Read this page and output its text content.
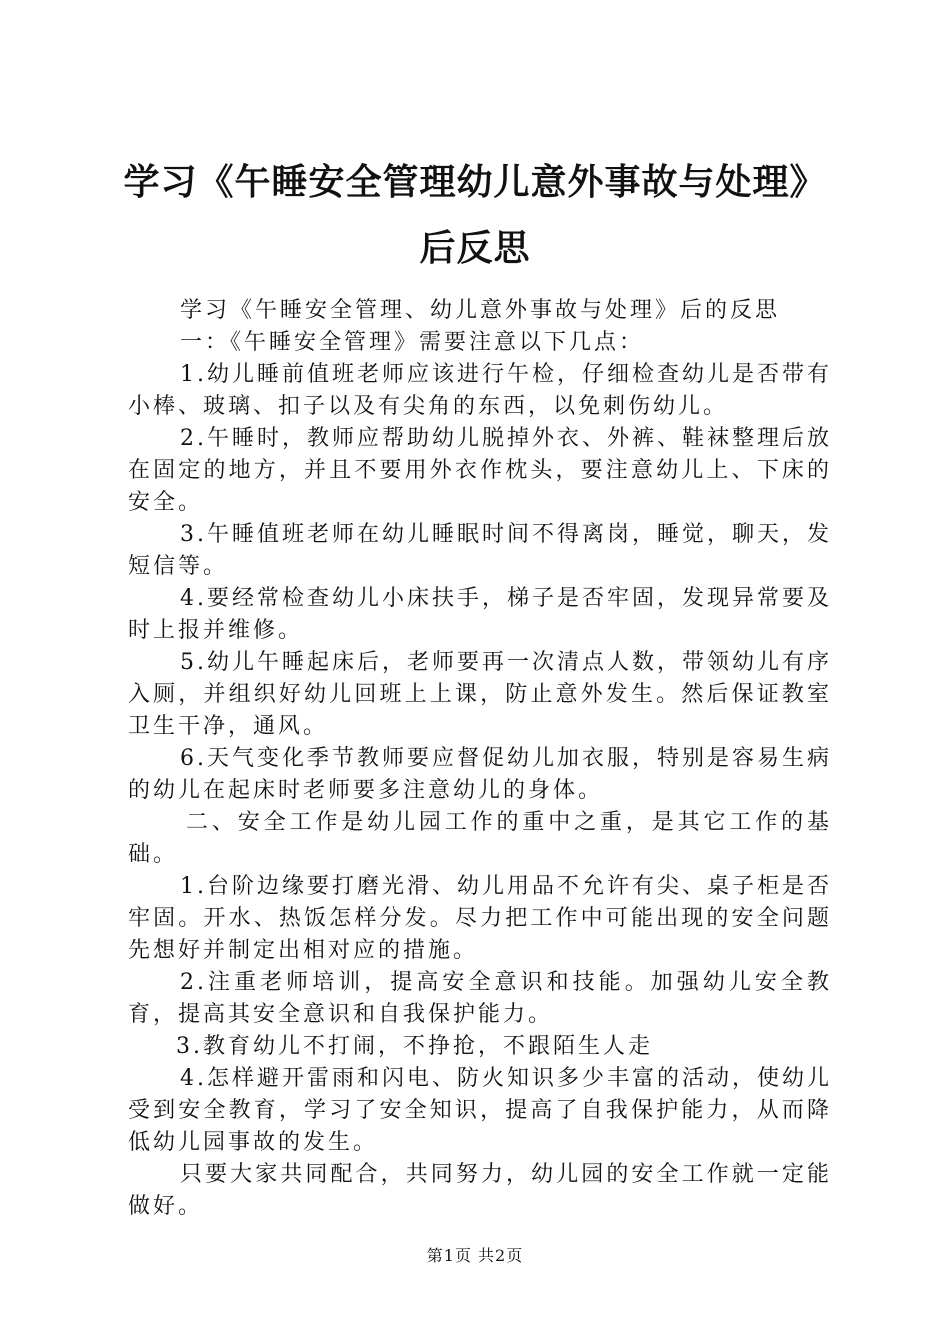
学习《午睡安全管理幼儿意外事故与处理》后反思

学习《午睡安全管理、幼儿意外事故与处理》后的反思

一：《午睡安全管理》需要注意以下几点：

1.幼儿睡前值班老师应该进行午检，仔细检查幼儿是否带有小棒、玻璃、扣子以及有尖角的东西，以免刺伤幼儿。

2.午睡时，教师应帮助幼儿脱掉外衣、外裤、鞋袜整理后放在固定的地方，并且不要用外衣作枕头，要注意幼儿上、下床的安全。

3.午睡值班老师在幼儿睡眠时间不得离岗，睡觉，聊天，发短信等。

4.要经常检查幼儿小床扶手，梯子是否牢固，发现异常要及时上报并维修。

5.幼儿午睡起床后，老师要再一次清点人数，带领幼儿有序入厕，并组织好幼儿回班上上课，防止意外发生。然后保证教室卫生干净，通风。

6.天气变化季节教师要应督促幼儿加衣服，特别是容易生病的幼儿在起床时老师要多注意幼儿的身体。

二、安全工作是幼儿园工作的重中之重，是其它工作的基础。

1.台阶边缘要打磨光滑、幼儿用品不允许有尖、桌子柜是否牢固。开水、热饭怎样分发。尽力把工作中可能出现的安全问题先想好并制定出相对应的措施。

2.注重老师培训，提高安全意识和技能。加强幼儿安全教育，提高其安全意识和自我保护能力。

3.教育幼儿不打闹，不挣抢，不跟陌生人走

4.怎样避开雷雨和闪电、防火知识多少丰富的活动，使幼儿受到安全教育，学习了安全知识，提高了自我保护能力，从而降低幼儿园事故的发生。

只要大家共同配合，共同努力，幼儿园的安全工作就一定能做好。

第1页 共2页
